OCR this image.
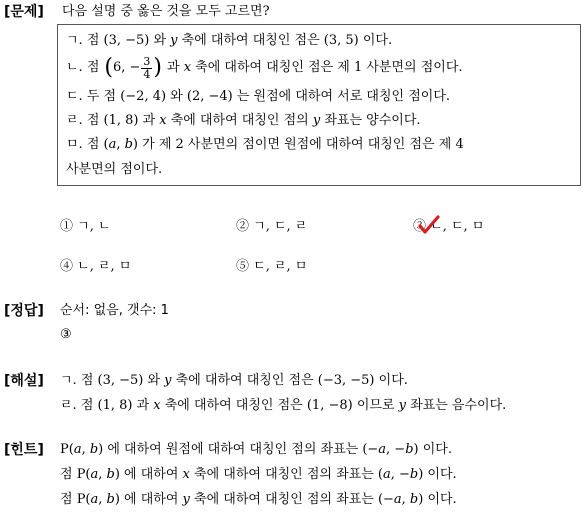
[문제] 다음 설명 중 옳은 것을 모두 고르면?
ㄱ. 점 (3, −5) 와 𝑦 축에 대하여 대칭인 점은 (3, 5) 이다.
ㄴ. 점 ( 6, − $\frac{3}{4}$ ) 과 𝑥 축에 대하여 대칭인 점은 제 1 사분면의 점이다.
ㄷ. 두 점 (−2, 4) 와 (2, −4) 는 원점에 대하여 서로 대칭인 점이다.
ㄹ. 점 (1, 8) 과 𝑥 축에 대하여 대칭인 점의 𝑦 좌표는 양수이다.
ㅁ. 점 (𝑎, 𝑏) 가 제 2 사분면의 점이면 원점에 대하여 대칭인 점은 제 4
사분면의 점이다.
① ㄱ, ㄴ	② ㄱ, ㄷ, ㄹ	③ ㄴ, ㄷ, ㅁ
④ ㄴ, ㄹ, ㅁ	⑤ ㄷ, ㄹ, ㅁ
[정답] 순서: 없음, 갯수: 1
③
[해설] ㄱ. 점 (3, −5) 와 𝑦 축에 대하여 대칭인 점은 (−3, −5) 이다.
ㄹ. 점 (1, 8) 과 𝑥 축에 대하여 대칭인 점은 (1, −8) 이므로 𝑦 좌표는 음수이다.
[힌트] P(𝑎, 𝑏) 에 대하여 원점에 대하여 대칭인 점의 좌표는 (−𝑎, −𝑏) 이다.
점 P(𝑎, 𝑏) 에 대하여 𝑥 축에 대하여 대칭인 점의 좌표는 (𝑎, −𝑏) 이다.
점 P(𝑎, 𝑏) 에 대하여 𝑦 축에 대하여 대칭인 점의 좌표는 (−𝑎, 𝑏) 이다.
